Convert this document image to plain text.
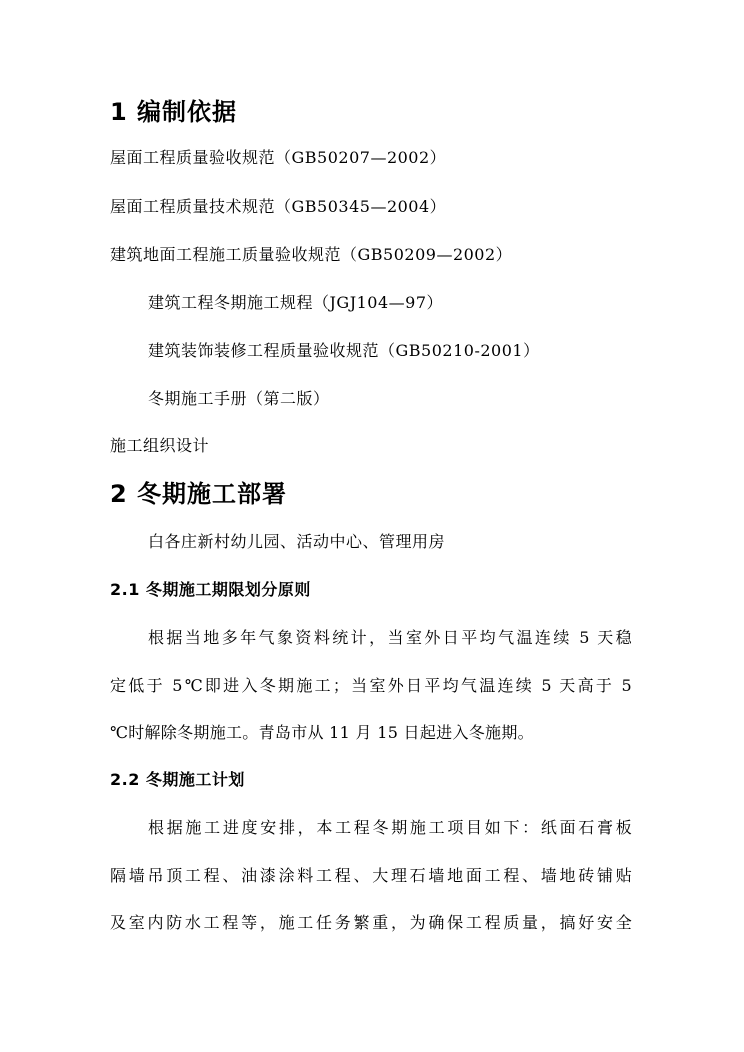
1 编制依据
屋面工程质量验收规范（GB50207—2002）
屋面工程质量技术规范（GB50345—2004）
建筑地面工程施工质量验收规范（GB50209—2002）
建筑工程冬期施工规程（JGJ104—97）
建筑装饰装修工程质量验收规范（GB50210-2001）
冬期施工手册（第二版）
施工组织设计
2 冬期施工部署
白各庄新村幼儿园、活动中心、管理用房
2.1 冬期施工期限划分原则
根据当地多年气象资料统计，当室外日平均气温连续 5 天稳
定低于 5℃即进入冬期施工；当室外日平均气温连续 5 天高于 5
℃时解除冬期施工。青岛市从 11 月 15 日起进入冬施期。
2.2 冬期施工计划
根据施工进度安排，本工程冬期施工项目如下：纸面石膏板
隔墙吊顶工程、油漆涂料工程、大理石墙地面工程、墙地砖铺贴
及室内防水工程等，施工任务繁重，为确保工程质量，搞好安全
